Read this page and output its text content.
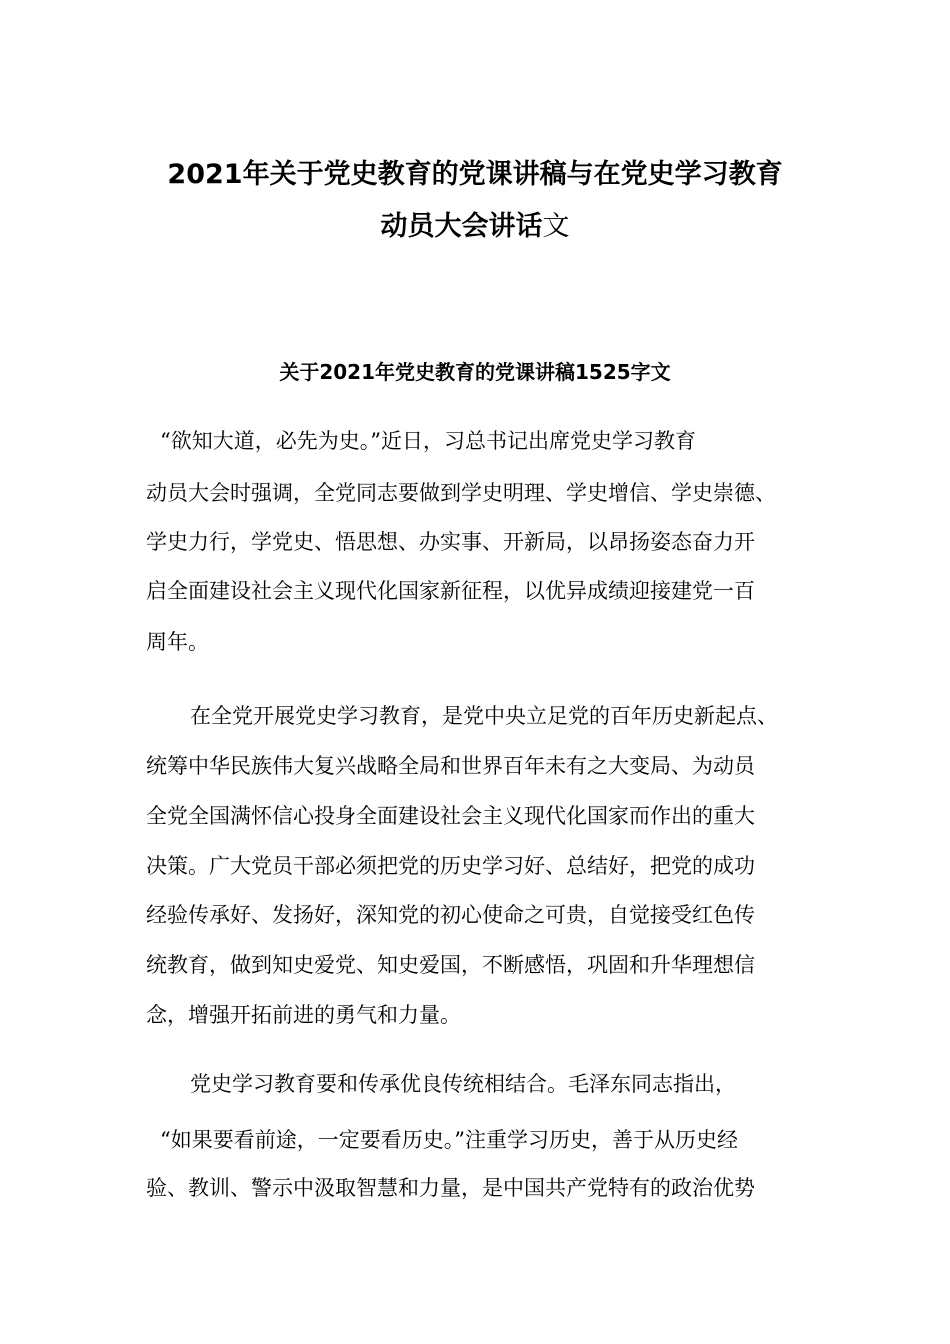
2021年关于党史教育的党课讲稿与在党史学习教育
动员大会讲话文
关于2021年党史教育的党课讲稿1525字文

“欲知大道，必先为史。”近日，习总书记出席党史学习教育

动员大会时强调，全党同志要做到学史明理、学史增信、学史崇德、

学史力行，学党史、悟思想、办实事、开新局，以昂扬姿态奋力开

启全面建设社会主义现代化国家新征程，以优异成绩迎接建党一百

周年。

在全党开展党史学习教育，是党中央立足党的百年历史新起点、

统筹中华民族伟大复兴战略全局和世界百年未有之大变局、为动员

全党全国满怀信心投身全面建设社会主义现代化国家而作出的重大

决策。广大党员干部必须把党的历史学习好、总结好，把党的成功

经验传承好、发扬好，深知党的初心使命之可贵，自觉接受红色传

统教育，做到知史爱党、知史爱国，不断感悟，巩固和升华理想信

念，增强开拓前进的勇气和力量。

党史学习教育要和传承优良传统相结合。毛泽东同志指出，

“如果要看前途，一定要看历史。”注重学习历史，善于从历史经

验、教训、警示中汲取智慧和力量，是中国共产党特有的政治优势
